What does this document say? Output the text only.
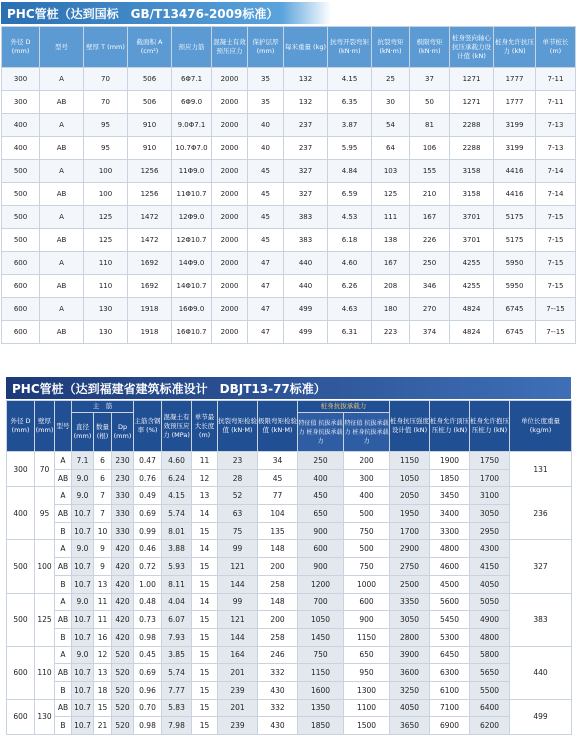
PHC管桩（达到国标　GB/T13476-2009标准）
外径 D (mm)	型号	壁厚 T (mm)	截面积 A (cm²)	预应力筋	混凝土有效预压应力	保护层厚 (mm)	每米重量 (kg)	抗弯开裂弯矩 (kN·m)	抗裂弯矩 (kN·m)	极限弯矩 (kN·m)	桩身竖向轴心抗压承载力设计值 (kN)	桩身允许抗压力 (kN)	单节桩长 (m)
300	A	70	506	6Φ7.1	2000	35	132	4.15	25	37	1271	1777	7-11
300	AB	70	506	6Φ9.0	2000	35	132	6.35	30	50	1271	1777	7-11
400	A	95	910	9.0Φ7.1	2000	40	237	3.87	54	81	2288	3199	7-13
400	AB	95	910	10.7Φ7.0	2000	40	237	5.95	64	106	2288	3199	7-13
500	A	100	1256	11Φ9.0	2000	45	327	4.84	103	155	3158	4416	7-14
500	AB	100	1256	11Φ10.7	2000	45	327	6.59	125	210	3158	4416	7-14
500	A	125	1472	12Φ9.0	2000	45	383	4.53	111	167	3701	5175	7-15
500	AB	125	1472	12Φ10.7	2000	45	383	6.18	138	226	3701	5175	7-15
600	A	110	1692	14Φ9.0	2000	47	440	4.60	167	250	4255	5950	7-15
600	AB	110	1692	14Φ10.7	2000	47	440	6.26	208	346	4255	5950	7-15
600	A	130	1918	16Φ9.0	2000	47	499	4.63	180	270	4824	6745	7--15
600	AB	130	1918	16Φ10.7	2000	47	499	6.31	223	374	4824	6745	7--15
PHC管桩（达到福建省建筑标准设计　DBJT13-77标准）
外径 D (mm)	壁厚 (mm)	型号	主　筋			主筋含钢率 (%)	混凝土有效预压应力 (MPa)	单节最大长度 (m)	抗裂弯矩检验值 (kN·M)	极限弯矩检验值 (kN·M)	桩身抗拔承载力		桩身抗压强度设计值 (kN)	桩身允许顶压压桩力 (kN)	桩身允许抱压压桩力 (kN)	单位长度重量 (kg/m)
			直径 (mm)	数量 (根)	Dp (mm)						特征值 抗拔承载力 桩身抗拔承载力	特征值 抗拔承载力 桩身抗拔承载力				
300	70	A	7.1	6	230	0.47	4.60	11	23	34	250	200	1150	1900	1750	131
		AB	9.0	6	230	0.76	6.24	12	28	45	400	300	1050	1850	1700	
400	95	A	9.0	7	330	0.49	4.15	13	52	77	450	400	2050	3450	3100	236
		AB	10.7	7	330	0.69	5.74	14	63	104	650	500	1950	3400	3050	
		B	10.7	10	330	0.99	8.01	15	75	135	900	750	1700	3300	2950	
500	100	A	9.0	9	420	0.46	3.88	14	99	148	600	500	2900	4800	4300	327
		AB	10.7	9	420	0.72	5.93	15	121	200	900	750	2750	4600	4150	
		B	10.7	13	420	1.00	8.11	15	144	258	1200	1000	2500	4500	4050	
500	125	A	9.0	11	420	0.48	4.04	14	99	148	700	600	3350	5600	5050	383
		AB	10.7	11	420	0.73	6.07	15	121	200	1050	900	3050	5450	4900	
		B	10.7	16	420	0.98	7.93	15	144	258	1450	1150	2800	5300	4800	
600	110	A	9.0	12	520	0.45	3.85	15	164	246	750	650	3900	6450	5800	440
		AB	10.7	13	520	0.69	5.74	15	201	332	1150	950	3600	6300	5650	
		B	10.7	18	520	0.96	7.77	15	239	430	1600	1300	3250	6100	5500	
600	130	AB	10.7	15	520	0.70	5.83	15	201	332	1350	1100	4050	7100	6400	499
		B	10.7	21	520	0.98	7.98	15	239	430	1850	1500	3650	6900	6200	
